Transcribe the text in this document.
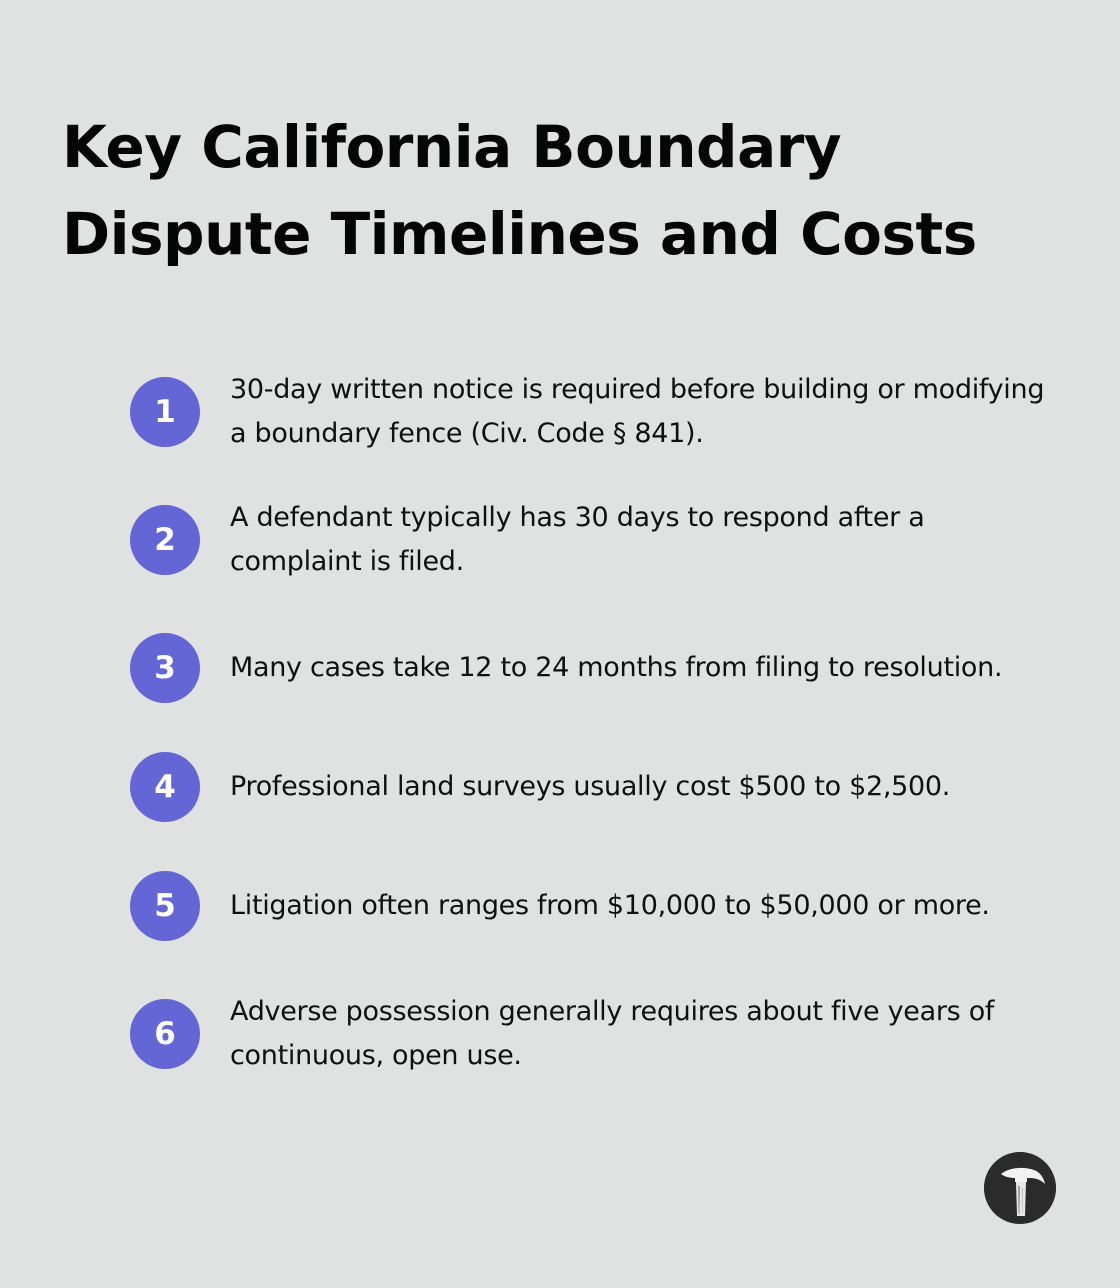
Key California Boundary
Dispute Timelines and Costs
1
30-day written notice is required before building or modifying a boundary fence (Civ. Code § 841).
2
A defendant typically has 30 days to respond after a complaint is filed.
3	Many cases take 12 to 24 months from filing to resolution.
4	Professional land surveys usually cost $500 to $2,500.
5	Litigation often ranges from $10,000 to $50,000 or more.
6
Adverse possession generally requires about five years of continuous, open use.
